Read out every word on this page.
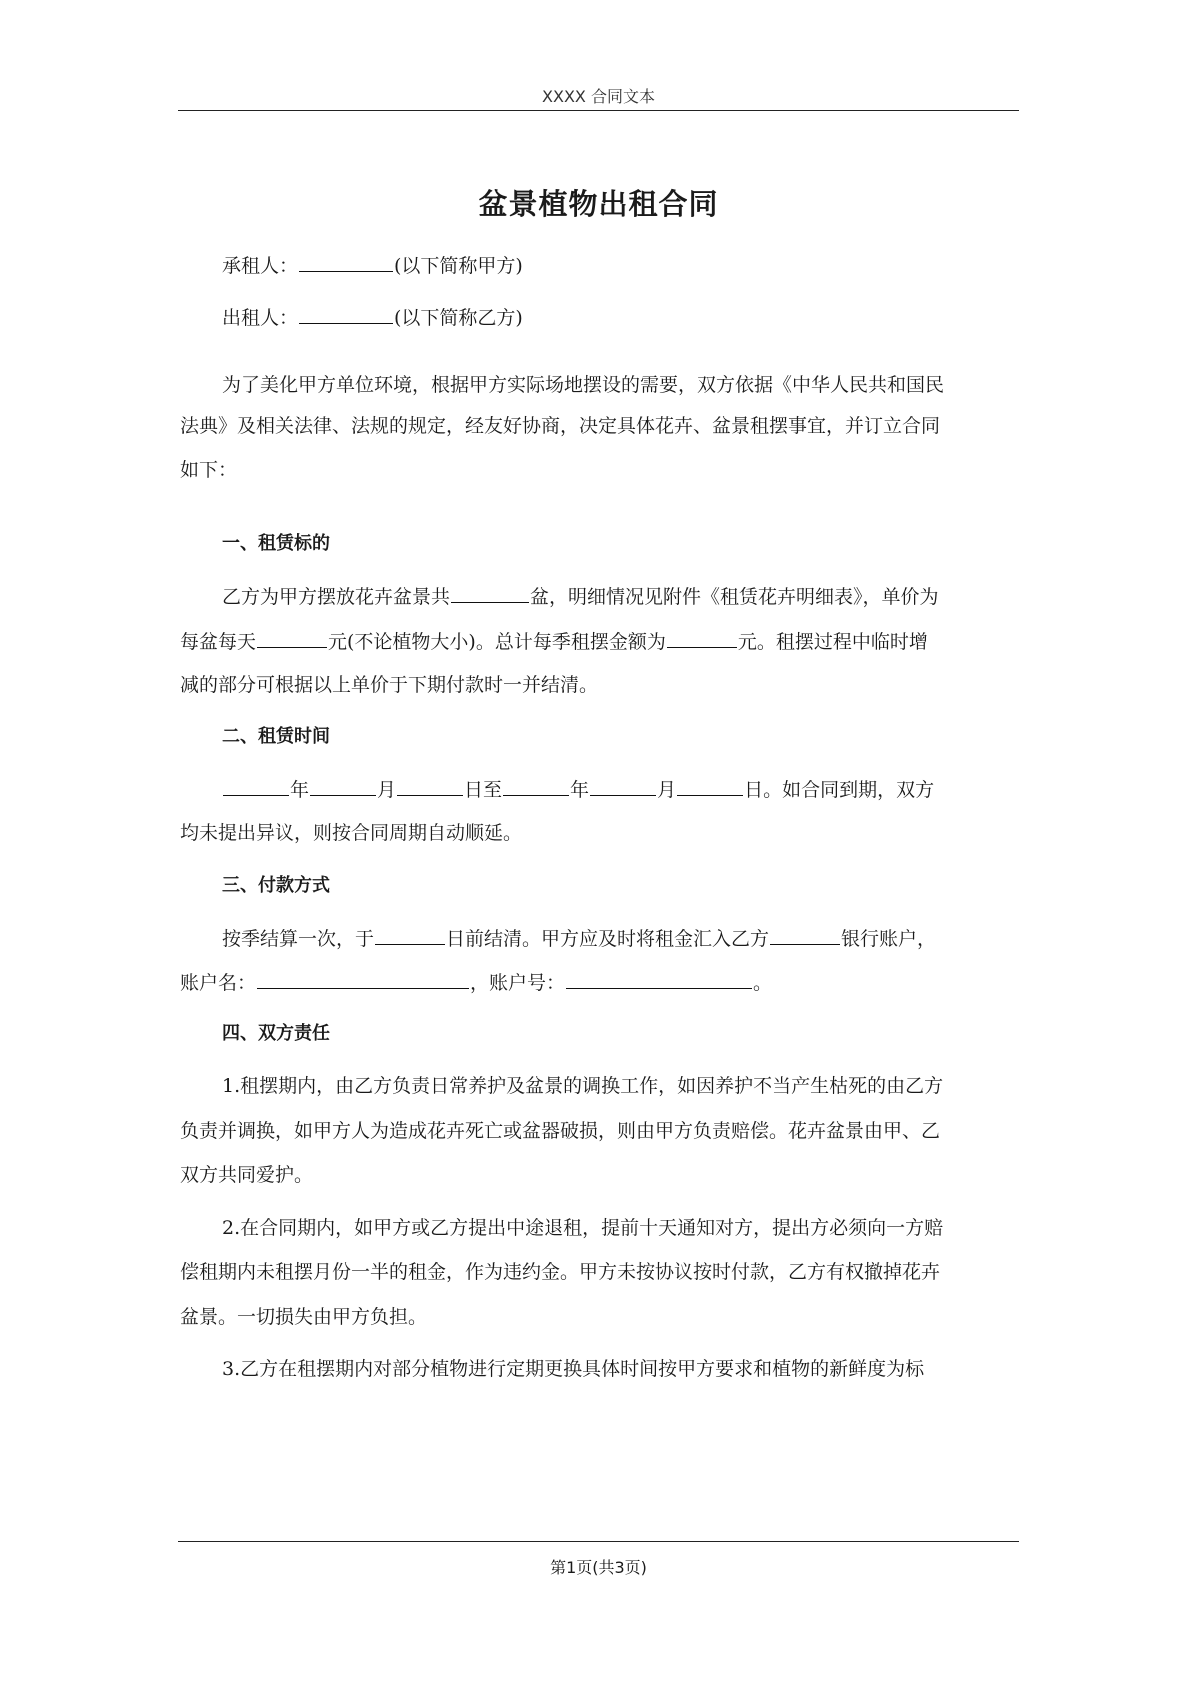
XXXX 合同文本
盆景植物出租合同
承租人：	(以下简称甲方)
出租人：	(以下简称乙方)
为了美化甲方单位环境，根据甲方实际场地摆设的需要，双方依据《中华人民共和国民
法典》及相关法律、法规的规定，经友好协商，决定具体花卉、盆景租摆事宜，并订立合同
如下：
一、租赁标的
乙方为甲方摆放花卉盆景共	盆，明细情况见附件《租赁花卉明细表》，单价为
每盆每天	元(不论植物大小)。总计每季租摆金额为	元。租摆过程中临时增
减的部分可根据以上单价于下期付款时一并结清。
二、租赁时间
年	月	日至	年	月	日。如合同到期，双方
均未提出异议，则按合同周期自动顺延。
三、付款方式
按季结算一次，于	日前结清。甲方应及时将租金汇入乙方	银行账户，
账户名：	，账户号：	。
四、双方责任
1.租摆期内，由乙方负责日常养护及盆景的调换工作，如因养护不当产生枯死的由乙方
负责并调换，如甲方人为造成花卉死亡或盆器破损，则由甲方负责赔偿。花卉盆景由甲、乙
双方共同爱护。
2.在合同期内，如甲方或乙方提出中途退租，提前十天通知对方，提出方必须向一方赔
偿租期内未租摆月份一半的租金，作为违约金。甲方未按协议按时付款，乙方有权撤掉花卉
盆景。一切损失由甲方负担。
3.乙方在租摆期内对部分植物进行定期更换具体时间按甲方要求和植物的新鲜度为标
第1页(共3页)
